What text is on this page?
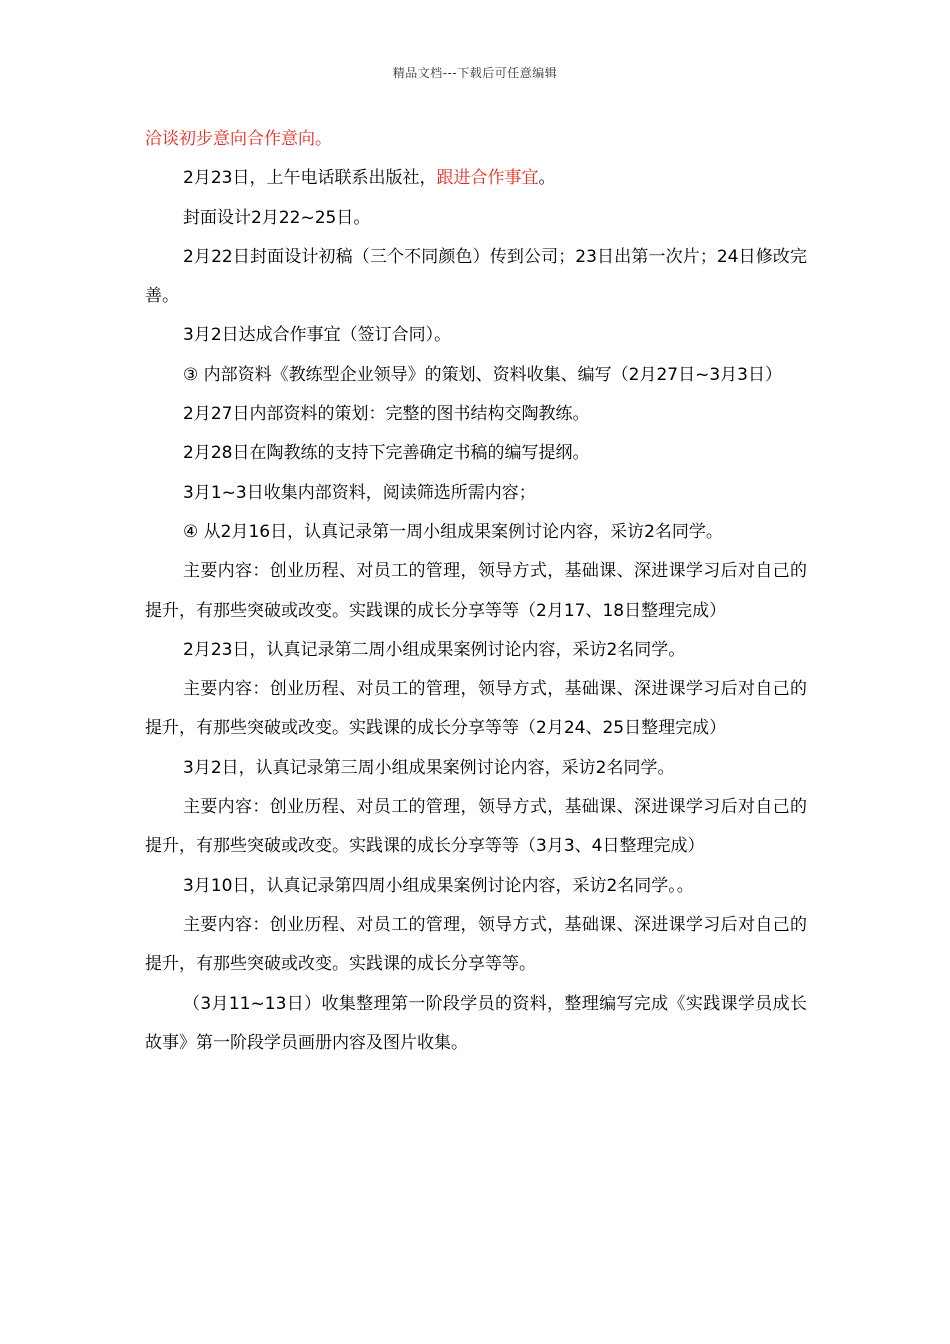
精品文档---下载后可任意编辑

洽谈初步意向合作意向。

2月23日，上午电话联系出版社，跟进合作事宜。

封面设计2月22~25日。

2月22日封面设计初稿（三个不同颜色）传到公司；23日出第一次片；24日修改完善。

3月2日达成合作事宜（签订合同）。

③ 内部资料《教练型企业领导》的策划、资料收集、编写（2月27日~3月3日）

2月27日内部资料的策划：完整的图书结构交陶教练。

2月28日在陶教练的支持下完善确定书稿的编写提纲。

3月1~3日收集内部资料，阅读筛选所需内容；

④ 从2月16日，认真记录第一周小组成果案例讨论内容，采访2名同学。

主要内容：创业历程、对员工的管理，领导方式，基础课、深进课学习后对自己的提升，有那些突破或改变。实践课的成长分享等等（2月17、18日整理完成）

2月23日，认真记录第二周小组成果案例讨论内容，采访2名同学。

主要内容：创业历程、对员工的管理，领导方式，基础课、深进课学习后对自己的提升，有那些突破或改变。实践课的成长分享等等（2月24、25日整理完成）

3月2日，认真记录第三周小组成果案例讨论内容，采访2名同学。

主要内容：创业历程、对员工的管理，领导方式，基础课、深进课学习后对自己的提升，有那些突破或改变。实践课的成长分享等等（3月3、4日整理完成）

3月10日，认真记录第四周小组成果案例讨论内容，采访2名同学。。

主要内容：创业历程、对员工的管理，领导方式，基础课、深进课学习后对自己的提升，有那些突破或改变。实践课的成长分享等等。

（3月11~13日）收集整理第一阶段学员的资料，整理编写完成《实践课学员成长故事》第一阶段学员画册内容及图片收集。
